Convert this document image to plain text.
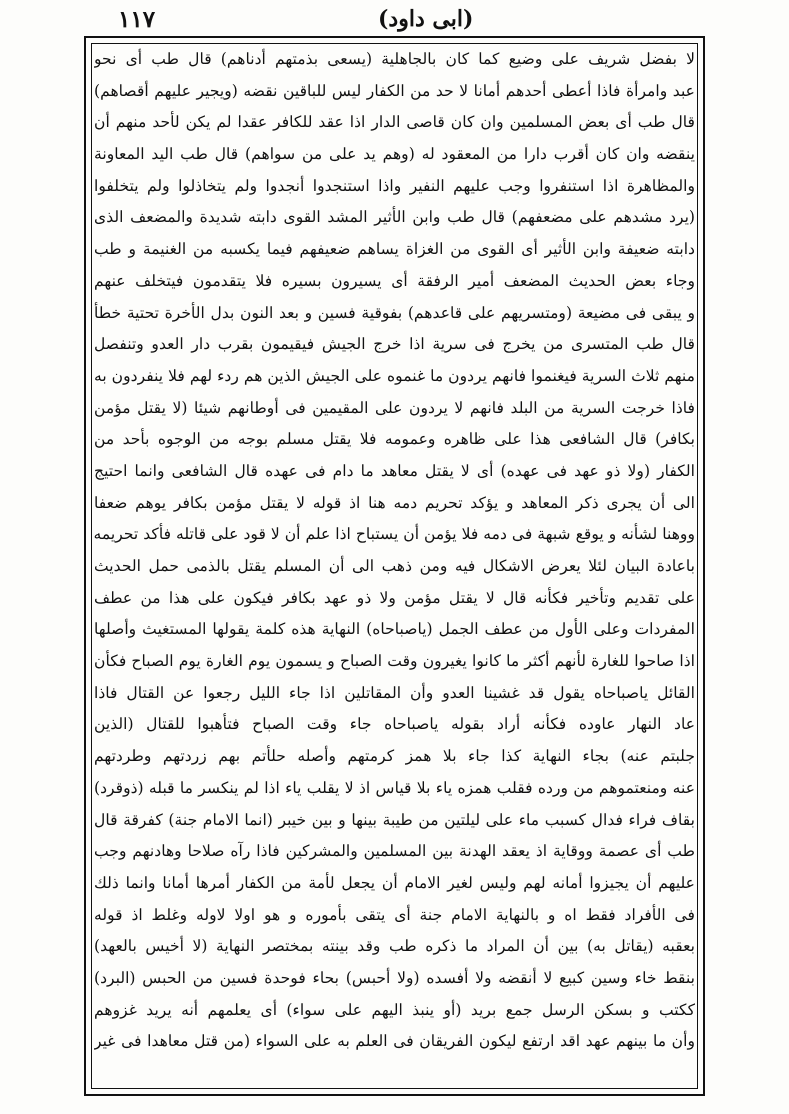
١١٧	(ابى داود)
لا بفضل شريف على وضيع كما كان بالجاهلية (يسعى بذمتهم أدناهم) قال طب أى نحو
عبد وامرأة فاذا أعطى أحدهم أمانا لا حد من الكفار ليس للباقين نقضه (ويجير عليهم أقصاهم)
قال طب أى بعض المسلمين وان كان قاصى الدار اذا عقد للكافر عقدا لم يكن لأحد منهم أن
ينقضه وان كان أقرب دارا من المعقود له (وهم يد على من سواهم) قال طب اليد المعاونة
والمظاهرة اذا استنفروا وجب عليهم النفير واذا استنجدوا أنجدوا ولم يتخاذلوا ولم يتخلفوا
(يرد مشدهم على مضعفهم) قال طب وابن الأثير المشد القوى دابته شديدة والمضعف الذى
دابته ضعيفة وابن الأثير أى القوى من الغزاة يساهم ضعيفهم فيما يكسبه من الغنيمة و طب
وجاء بعض الحديث المضعف أمير الرفقة أى يسيرون بسيره فلا يتقدمون فيتخلف عنهم
و يبقى فى مضيعة (ومتسريهم على قاعدهم) بفوقية فسين و بعد النون بدل الأخرة تحتية خطأ
قال طب المتسرى من يخرج فى سرية اذا خرج الجيش فيقيمون بقرب دار العدو وتنفصل
منهم ثلاث السرية فيغنموا فانهم يردون ما غنموه على الجيش الذين هم ردء لهم فلا ينفردون به
فاذا خرجت السرية من البلد فانهم لا يردون على المقيمين فى أوطانهم شيئا (لا يقتل مؤمن
بكافر) قال الشافعى هذا على ظاهره وعمومه فلا يقتل مسلم بوجه من الوجوه بأحد من
الكفار (ولا ذو عهد فى عهده) أى لا يقتل معاهد ما دام فى عهده قال الشافعى وانما احتيج
الى أن يجرى ذكر المعاهد و يؤكد تحريم دمه هنا اذ قوله لا يقتل مؤمن بكافر يوهم ضعفا
ووهنا لشأنه و يوقع شبهة فى دمه فلا يؤمن أن يستباح اذا علم أن لا قود على قاتله فأكد تحريمه
باعادة البيان لئلا يعرض الاشكال فيه ومن ذهب الى أن المسلم يقتل بالذمى حمل الحديث
على تقديم وتأخير فكأنه قال لا يقتل مؤمن ولا ذو عهد بكافر فيكون على هذا من عطف
المفردات وعلى الأول من عطف الجمل (ياصباحاه) النهاية هذه كلمة يقولها المستغيث وأصلها
اذا صاحوا للغارة لأنهم أكثر ما كانوا يغيرون وقت الصباح و يسمون يوم الغارة يوم الصباح فكأن
القائل ياصباحاه يقول قد غشينا العدو وأن المقاتلين اذا جاء الليل رجعوا عن القتال فاذا
عاد النهار عاوده فكأنه أراد بقوله ياصباحاه جاء وقت الصباح فتأهبوا للقتال (الذين
جلبتم عنه) بجاء النهاية كذا جاء بلا همز كرمتهم وأصله حلأتم بهم زردتهم وطردتهم
عنه ومنعتموهم من ورده فقلب همزه ياء بلا قياس اذ لا يقلب ياء اذا لم ينكسر ما قبله (ذوقرد)
بقاف فراء فدال كسبب ماء على ليلتين من طيبة بينها و بين خيبر (انما الامام جنة) كفرقة قال
طب أى عصمة ووقاية اذ يعقد الهدنة بين المسلمين والمشركين فاذا رآه صلاحا وهادنهم وجب
عليهم أن يجيزوا أمانه لهم وليس لغير الامام أن يجعل لأمة من الكفار أمرها أمانا وانما ذلك
فى الأفراد فقط اه و بالنهاية الامام جنة أى يتقى بأموره و هو اولا لاوله وغلط اذ قوله
بعقبه (يقاتل به) بين أن المراد ما ذكره طب وقد بينته بمختصر النهاية (لا أخيس بالعهد)
بنقط خاء وسين كبيع لا أنقضه ولا أفسده (ولا أحبس) بحاء فوحدة فسين من الحبس (البرد)
ككتب و بسكن الرسل جمع بريد (أو ينبذ اليهم على سواء) أى يعلمهم أنه يريد غزوهم
وأن ما بينهم عهد اقد ارتفع ليكون الفريقان فى العلم به على السواء (من قتل معاهدا فى غير
